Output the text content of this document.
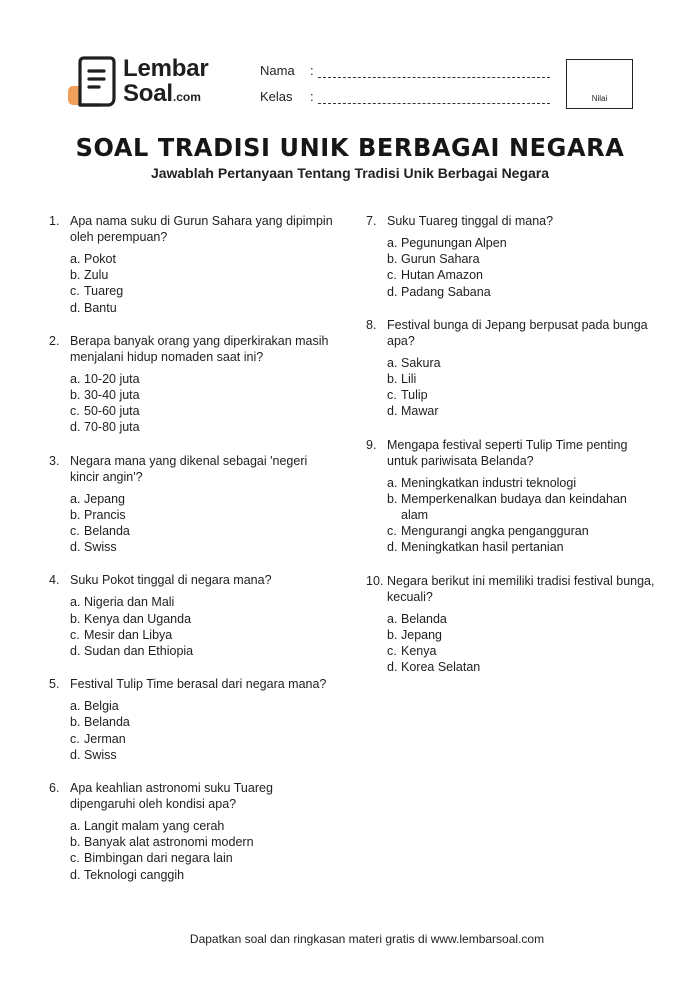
Lembar
Soal.com
Nama :
Kelas :	Nilai
SOAL TRADISI UNIK BERBAGAI NEGARA
Jawablah Pertanyaan Tentang Tradisi Unik Berbagai Negara
1. Apa nama suku di Gurun Sahara yang dipimpin oleh perempuan?
a. Pokot
b. Zulu
c. Tuareg
d. Bantu
2. Berapa banyak orang yang diperkirakan masih menjalani hidup nomaden saat ini?
a. 10-20 juta
b. 30-40 juta
c. 50-60 juta
d. 70-80 juta
3. Negara mana yang dikenal sebagai 'negeri kincir angin'?
a. Jepang
b. Prancis
c. Belanda
d. Swiss
4. Suku Pokot tinggal di negara mana?
a. Nigeria dan Mali
b. Kenya dan Uganda
c. Mesir dan Libya
d. Sudan dan Ethiopia
5. Festival Tulip Time berasal dari negara mana?
a. Belgia
b. Belanda
c. Jerman
d. Swiss
6. Apa keahlian astronomi suku Tuareg dipengaruhi oleh kondisi apa?
a. Langit malam yang cerah
b. Banyak alat astronomi modern
c. Bimbingan dari negara lain
d. Teknologi canggih
7. Suku Tuareg tinggal di mana?
a. Pegunungan Alpen
b. Gurun Sahara
c. Hutan Amazon
d. Padang Sabana
8. Festival bunga di Jepang berpusat pada bunga apa?
a. Sakura
b. Lili
c. Tulip
d. Mawar
9. Mengapa festival seperti Tulip Time penting untuk pariwisata Belanda?
a. Meningkatkan industri teknologi
b. Memperkenalkan budaya dan keindahan alam
c. Mengurangi angka pengangguran
d. Meningkatkan hasil pertanian
10. Negara berikut ini memiliki tradisi festival bunga, kecuali?
a. Belanda
b. Jepang
c. Kenya
d. Korea Selatan
Dapatkan soal dan ringkasan materi gratis di www.lembarsoal.com
